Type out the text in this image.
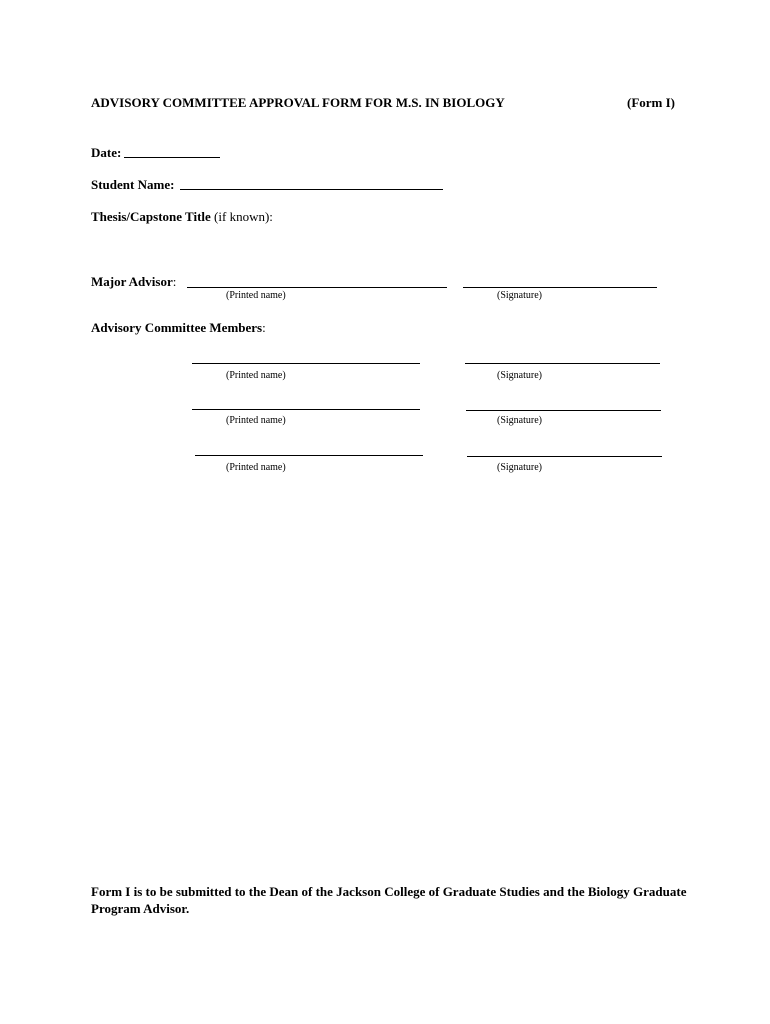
ADVISORY COMMITTEE APPROVAL FORM FOR M.S. IN BIOLOGY	(Form I)
Date:
Student Name:
Thesis/Capstone Title (if known):
Major Advisor:
(Printed name)	(Signature)
Advisory Committee Members:
(Printed name)	(Signature)
(Printed name)	(Signature)
(Printed name)	(Signature)
Form I is to be submitted to the Dean of the Jackson College of Graduate Studies and the Biology Graduate Program Advisor.
